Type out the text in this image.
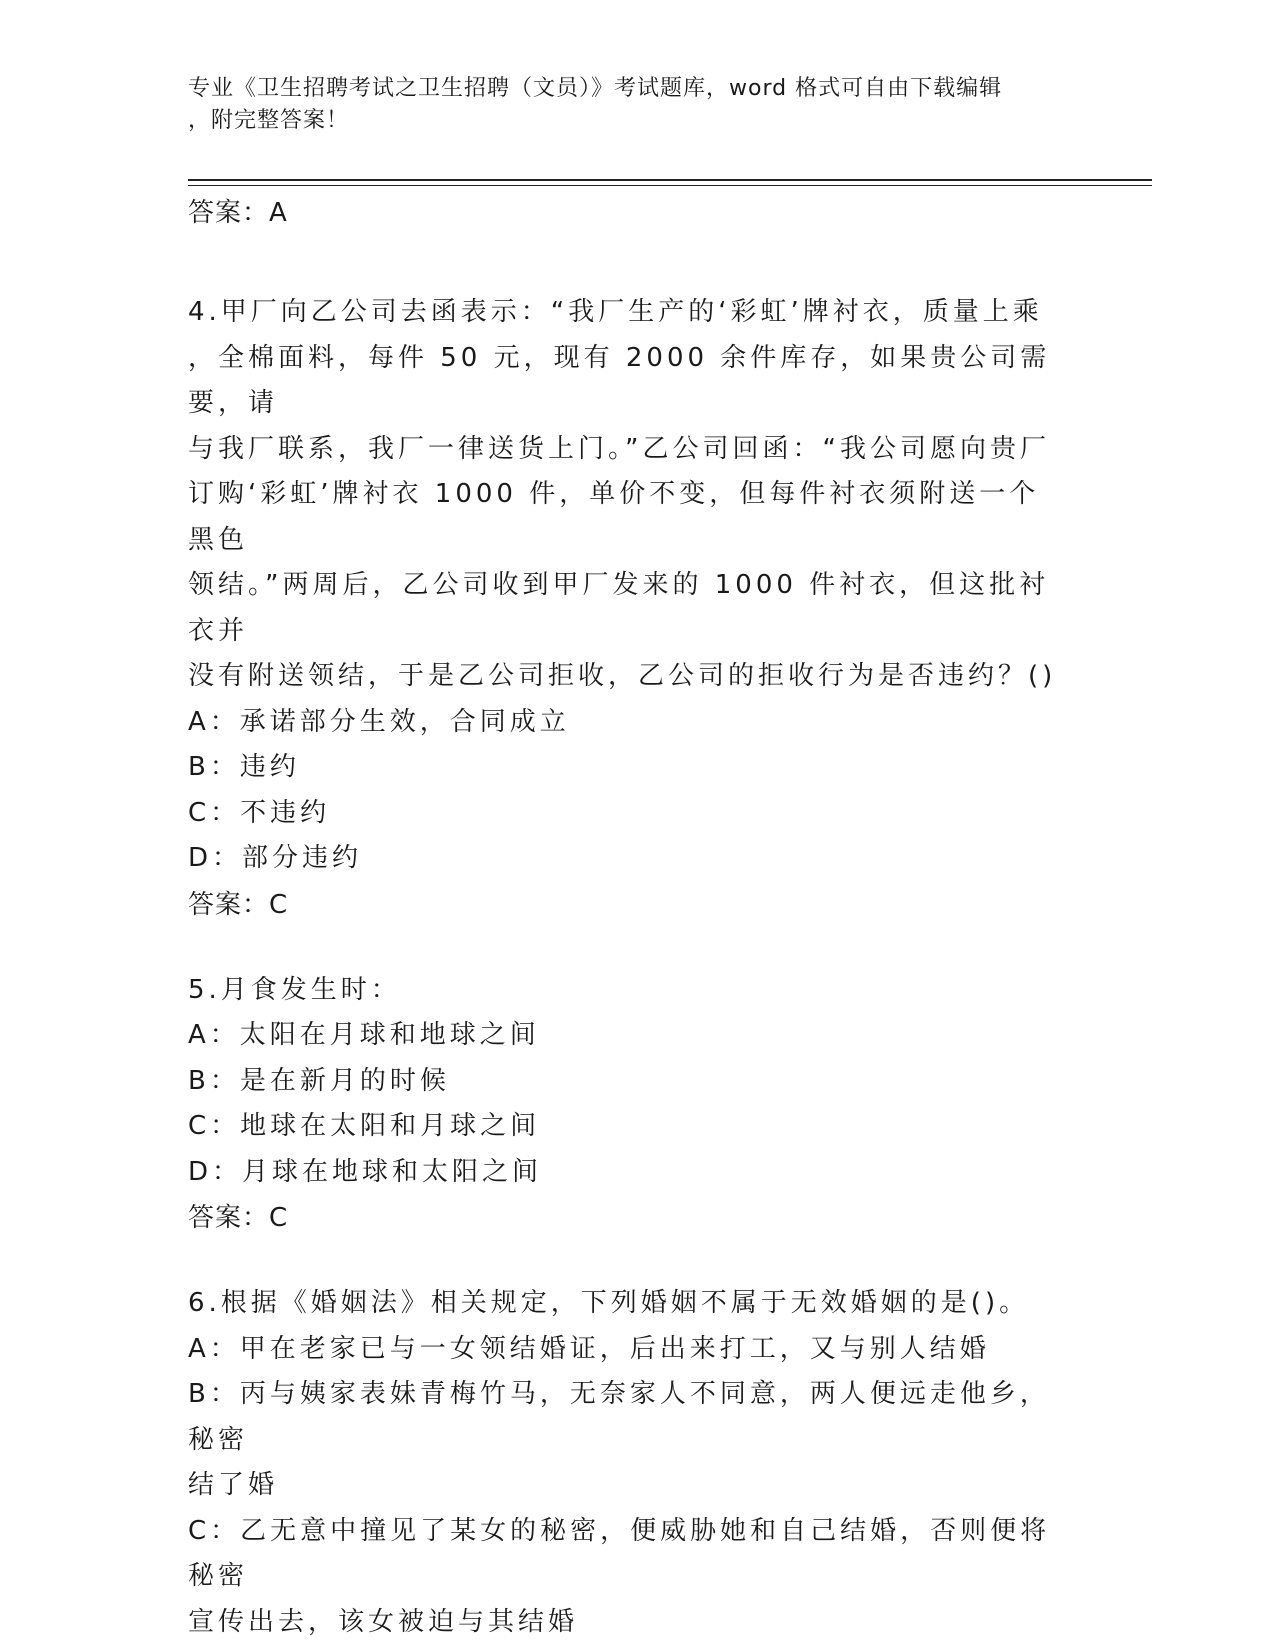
专业《卫生招聘考试之卫生招聘（文员）》考试题库，word 格式可自由下载编辑
，附完整答案！
答案：A

4.甲厂向乙公司去函表示：“我厂生产的‘彩虹’牌衬衣，质量上乘

，全棉面料，每件 50 元，现有 2000 余件库存，如果贵公司需要，请

与我厂联系，我厂一律送货上门。”乙公司回函：“我公司愿向贵厂

订购‘彩虹’牌衬衣 1000 件，单价不变，但每件衬衣须附送一个黑色

领结。”两周后，乙公司收到甲厂发来的 1000 件衬衣，但这批衬衣并

没有附送领结，于是乙公司拒收，乙公司的拒收行为是否违约？()

A：承诺部分生效，合同成立

B：违约

C：不违约

D：部分违约

答案：C

5.月食发生时：

A：太阳在月球和地球之间

B：是在新月的时候

C：地球在太阳和月球之间

D：月球在地球和太阳之间

答案：C

6.根据《婚姻法》相关规定，下列婚姻不属于无效婚姻的是()。

A：甲在老家已与一女领结婚证，后出来打工，又与别人结婚

B：丙与姨家表妹青梅竹马，无奈家人不同意，两人便远走他乡，秘密

结了婚

C：乙无意中撞见了某女的秘密，便威胁她和自己结婚，否则便将秘密

宣传出去，该女被迫与其结婚
